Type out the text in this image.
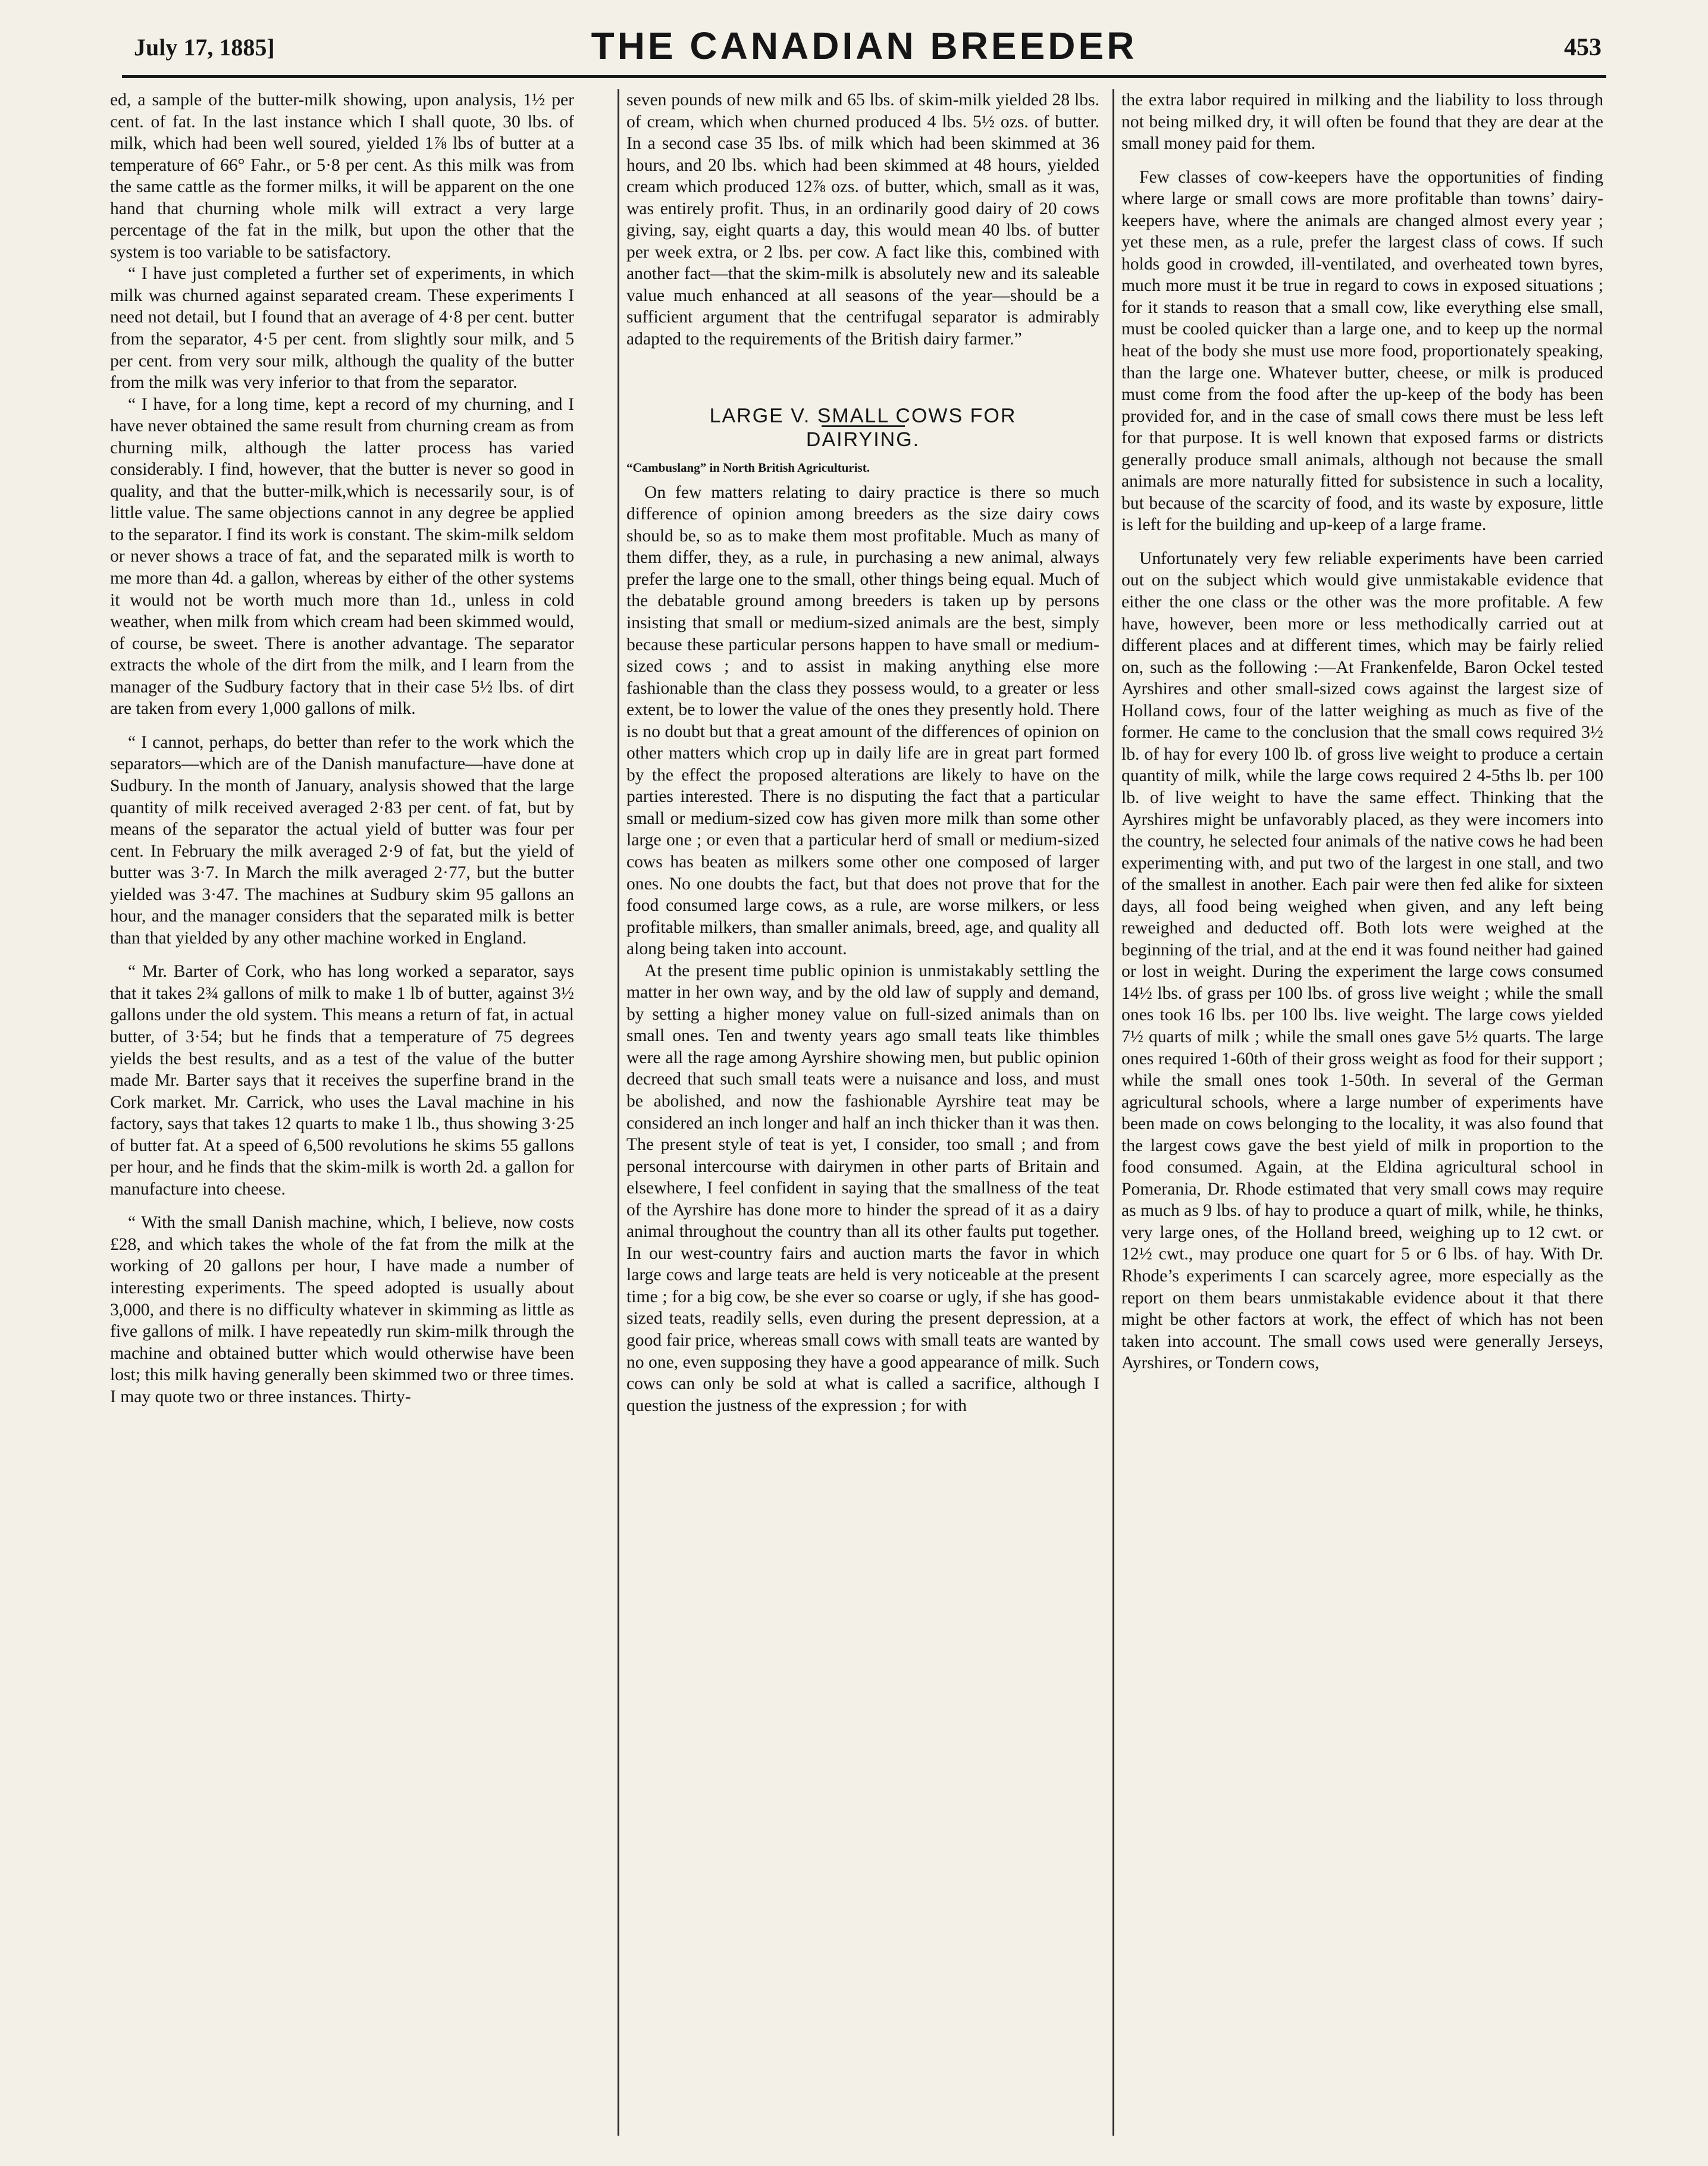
July 17, 1885]	THE CANADIAN BREEDER	453

ed, a sample of the butter-milk showing, upon analysis, 1½ per cent. of fat. In the last instance which I shall quote, 30 lbs. of milk, which had been well soured, yielded 1⅞ lbs of butter at a temperature of 66° Fahr., or 5·8 per cent. As this milk was from the same cattle as the former milks, it will be apparent on the one hand that churning whole milk will extract a very large percentage of the fat in the milk, but upon the other that the system is too variable to be satisfactory.

“ I have just completed a further set of experiments, in which milk was churned against separated cream. These experiments I need not detail, but I found that an average of 4·8 per cent. butter from the separator, 4·5 per cent. from slightly sour milk, and 5 per cent. from very sour milk, although the quality of the butter from the milk was very inferior to that from the separator.

“ I have, for a long time, kept a record of my churning, and I have never obtained the same result from churning cream as from churning milk, although the latter process has varied considerably. I find, however, that the butter is never so good in quality, and that the butter-milk,which is necessarily sour, is of little value. The same objections cannot in any degree be applied to the separator. I find its work is constant. The skim-milk seldom or never shows a trace of fat, and the separated milk is worth to me more than 4d. a gallon, whereas by either of the other systems it would not be worth much more than 1d., unless in cold weather, when milk from which cream had been skimmed would, of course, be sweet. There is another advantage. The separator extracts the whole of the dirt from the milk, and I learn from the manager of the Sudbury factory that in their case 5½ lbs. of dirt are taken from every 1,000 gallons of milk.

“ I cannot, perhaps, do better than refer to the work which the separators—which are of the Danish manufacture—have done at Sudbury. In the month of January, analysis showed that the large quantity of milk received averaged 2·83 per cent. of fat, but by means of the separator the actual yield of butter was four per cent. In February the milk averaged 2·9 of fat, but the yield of butter was 3·7. In March the milk averaged 2·77, but the butter yielded was 3·47. The machines at Sudbury skim 95 gallons an hour, and the manager considers that the separated milk is better than that yielded by any other machine worked in England.

“ Mr. Barter of Cork, who has long worked a separator, says that it takes 2¾ gallons of milk to make 1 lb of butter, against 3½ gallons under the old system. This means a return of fat, in actual butter, of 3·54; but he finds that a temperature of 75 degrees yields the best results, and as a test of the value of the butter made Mr. Barter says that it receives the superfine brand in the Cork market. Mr. Carrick, who uses the Laval machine in his factory, says that takes 12 quarts to make 1 lb., thus showing 3·25 of butter fat. At a speed of 6,500 revolutions he skims 55 gallons per hour, and he finds that the skim-milk is worth 2d. a gallon for manufacture into cheese.

“ With the small Danish machine, which, I believe, now costs £28, and which takes the whole of the fat from the milk at the working of 20 gallons per hour, I have made a number of interesting experiments. The speed adopted is usually about 3,000, and there is no difficulty whatever in skimming as little as five gallons of milk. I have repeatedly run skim-milk through the machine and obtained butter which would otherwise have been lost; this milk having generally been skimmed two or three times. I may quote two or three instances. Thirty-

seven pounds of new milk and 65 lbs. of skim-milk yielded 28 lbs. of cream, which when churned produced 4 lbs. 5½ ozs. of butter. In a second case 35 lbs. of milk which had been skimmed at 36 hours, and 20 lbs. which had been skimmed at 48 hours, yielded cream which produced 12⅞ ozs. of butter, which, small as it was, was entirely profit. Thus, in an ordinarily good dairy of 20 cows giving, say, eight quarts a day, this would mean 40 lbs. of butter per week extra, or 2 lbs. per cow. A fact like this, combined with another fact—that the skim-milk is absolutely new and its saleable value much enhanced at all seasons of the year—should be a sufficient argument that the centrifugal separator is admirably adapted to the requirements of the British dairy farmer.”

LARGE V. SMALL COWS FOR
DAIRYING.
“Cambuslang” in North British Agriculturist.

On few matters relating to dairy practice is there so much difference of opinion among breeders as the size dairy cows should be, so as to make them most profitable. Much as many of them differ, they, as a rule, in purchasing a new animal, always prefer the large one to the small, other things being equal. Much of the debatable ground among breeders is taken up by persons insisting that small or medium-sized animals are the best, simply because these particular persons happen to have small or medium-sized cows ; and to assist in making anything else more fashionable than the class they possess would, to a greater or less extent, be to lower the value of the ones they presently hold. There is no doubt but that a great amount of the differences of opinion on other matters which crop up in daily life are in great part formed by the effect the proposed alterations are likely to have on the parties interested. There is no disputing the fact that a particular small or medium-sized cow has given more milk than some other large one ; or even that a particular herd of small or medium-sized cows has beaten as milkers some other one composed of larger ones. No one doubts the fact, but that does not prove that for the food consumed large cows, as a rule, are worse milkers, or less profitable milkers, than smaller animals, breed, age, and quality all along being taken into account.

At the present time public opinion is unmistakably settling the matter in her own way, and by the old law of supply and demand, by setting a higher money value on full-sized animals than on small ones. Ten and twenty years ago small teats like thimbles were all the rage among Ayrshire showing men, but public opinion decreed that such small teats were a nuisance and loss, and must be abolished, and now the fashionable Ayrshire teat may be considered an inch longer and half an inch thicker than it was then. The present style of teat is yet, I consider, too small ; and from personal intercourse with dairymen in other parts of Britain and elsewhere, I feel confident in saying that the smallness of the teat of the Ayrshire has done more to hinder the spread of it as a dairy animal throughout the country than all its other faults put together. In our west-country fairs and auction marts the favor in which large cows and large teats are held is very noticeable at the present time ; for a big cow, be she ever so coarse or ugly, if she has good-sized teats, readily sells, even during the present depression, at a good fair price, whereas small cows with small teats are wanted by no one, even supposing they have a good appearance of milk. Such cows can only be sold at what is called a sacrifice, although I question the justness of the expression ; for with

the extra labor required in milking and the liability to loss through not being milked dry, it will often be found that they are dear at the small money paid for them.

Few classes of cow-keepers have the opportunities of finding where large or small cows are more profitable than towns’ dairy-keepers have, where the animals are changed almost every year ; yet these men, as a rule, prefer the largest class of cows. If such holds good in crowded, ill-ventilated, and overheated town byres, much more must it be true in regard to cows in exposed situations ; for it stands to reason that a small cow, like everything else small, must be cooled quicker than a large one, and to keep up the normal heat of the body she must use more food, proportionately speaking, than the large one. Whatever butter, cheese, or milk is produced must come from the food after the up-keep of the body has been provided for, and in the case of small cows there must be less left for that purpose. It is well known that exposed farms or districts generally produce small animals, although not because the small animals are more naturally fitted for subsistence in such a locality, but because of the scarcity of food, and its waste by exposure, little is left for the building and up-keep of a large frame.

Unfortunately very few reliable experiments have been carried out on the subject which would give unmistakable evidence that either the one class or the other was the more profitable. A few have, however, been more or less methodically carried out at different places and at different times, which may be fairly relied on, such as the following :—At Frankenfelde, Baron Ockel tested Ayrshires and other small-sized cows against the largest size of Holland cows, four of the latter weighing as much as five of the former. He came to the conclusion that the small cows required 3½ lb. of hay for every 100 lb. of gross live weight to produce a certain quantity of milk, while the large cows required 2 4-5ths lb. per 100 lb. of live weight to have the same effect. Thinking that the Ayrshires might be unfavorably placed, as they were incomers into the country, he selected four animals of the native cows he had been experimenting with, and put two of the largest in one stall, and two of the smallest in another. Each pair were then fed alike for sixteen days, all food being weighed when given, and any left being reweighed and deducted off. Both lots were weighed at the beginning of the trial, and at the end it was found neither had gained or lost in weight. During the experiment the large cows consumed 14½ lbs. of grass per 100 lbs. of gross live weight ; while the small ones took 16 lbs. per 100 lbs. live weight. The large cows yielded 7½ quarts of milk ; while the small ones gave 5½ quarts. The large ones required 1-60th of their gross weight as food for their support ; while the small ones took 1-50th. In several of the German agricultural schools, where a large number of experiments have been made on cows belonging to the locality, it was also found that the largest cows gave the best yield of milk in proportion to the food consumed. Again, at the Eldina agricultural school in Pomerania, Dr. Rhode estimated that very small cows may require as much as 9 lbs. of hay to produce a quart of milk, while, he thinks, very large ones, of the Holland breed, weighing up to 12 cwt. or 12½ cwt., may produce one quart for 5 or 6 lbs. of hay. With Dr. Rhode’s experiments I can scarcely agree, more especially as the report on them bears unmistakable evidence about it that there might be other factors at work, the effect of which has not been taken into account. The small cows used were generally Jerseys, Ayrshires, or Tondern cows,
